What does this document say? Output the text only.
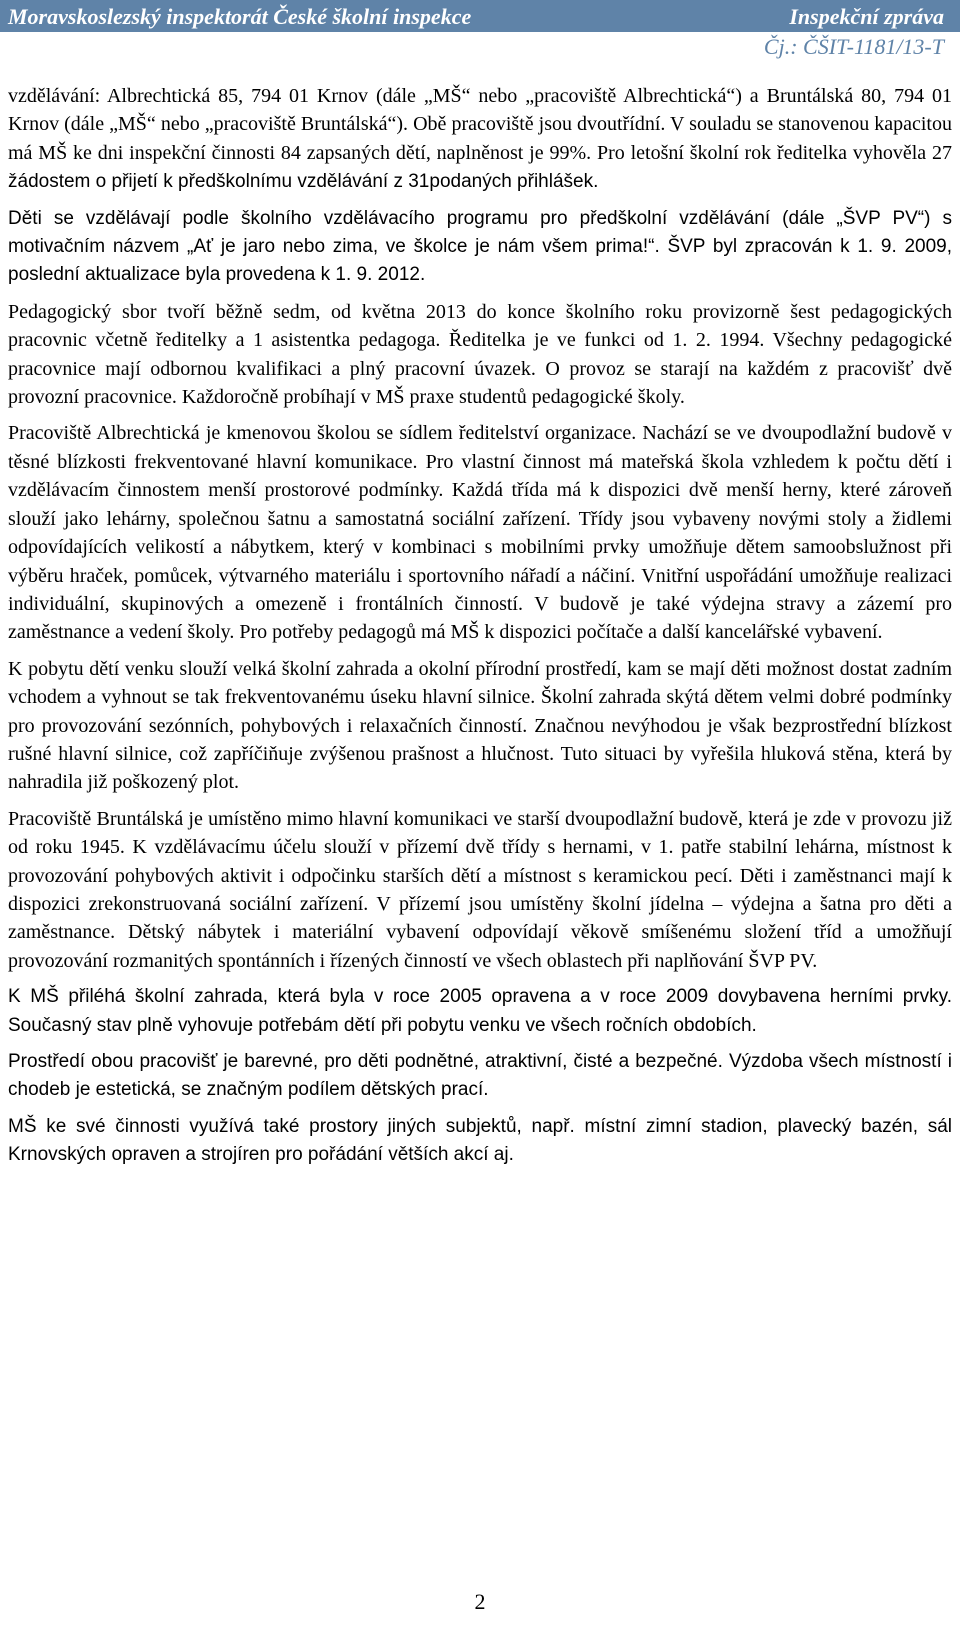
Moravskoslezský inspektorát České školní inspekce	Inspekční zpráva
Čj.: ČŠIT-1181/13-T

vzdělávání: Albrechtická 85, 794 01 Krnov (dále „MŠ“ nebo „pracoviště Albrechtická“) a Bruntálská 80, 794 01 Krnov (dále „MŠ“ nebo „pracoviště Bruntálská“). Obě pracoviště jsou dvoutřídní. V souladu se stanovenou kapacitou má MŠ ke dni inspekční činnosti 84 zapsaných dětí, naplněnost je 99%. Pro letošní školní rok ředitelka vyhověla 27 žádostem o přijetí k předškolnímu vzdělávání z 31podaných přihlášek.

Děti se vzdělávají podle školního vzdělávacího programu pro předškolní vzdělávání (dále „ŠVP PV“) s motivačním názvem „Ať je jaro nebo zima, ve školce je nám všem prima!“. ŠVP byl zpracován k 1. 9. 2009, poslední aktualizace byla provedena k 1. 9. 2012.

Pedagogický sbor tvoří běžně sedm, od května 2013 do konce školního roku provizorně šest pedagogických pracovnic včetně ředitelky a 1 asistentka pedagoga. Ředitelka je ve funkci od 1. 2. 1994. Všechny pedagogické pracovnice mají odbornou kvalifikaci a plný pracovní úvazek. O provoz se starají na každém z pracovišť dvě provozní pracovnice. Každoročně probíhají v MŠ praxe studentů pedagogické školy.

Pracoviště Albrechtická je kmenovou školou se sídlem ředitelství organizace. Nachází se ve dvoupodlažní budově v těsné blízkosti frekventované hlavní komunikace. Pro vlastní činnost má mateřská škola vzhledem k počtu dětí i vzdělávacím činnostem menší prostorové podmínky. Každá třída má k dispozici dvě menší herny, které zároveň slouží jako lehárny, společnou šatnu a samostatná sociální zařízení. Třídy jsou vybaveny novými stoly a židlemi odpovídajících velikostí a nábytkem, který v kombinaci s mobilními prvky umožňuje dětem samoobslužnost při výběru hraček, pomůcek, výtvarného materiálu i sportovního nářadí a náčiní. Vnitřní uspořádání umožňuje realizaci individuální, skupinových a omezeně i frontálních činností. V budově je také výdejna stravy a zázemí pro zaměstnance a vedení školy. Pro potřeby pedagogů má MŠ k dispozici počítače a další kancelářské vybavení.

K pobytu dětí venku slouží velká školní zahrada a okolní přírodní prostředí, kam se mají děti možnost dostat zadním vchodem a vyhnout se tak frekventovanému úseku hlavní silnice. Školní zahrada skýtá dětem velmi dobré podmínky pro provozování sezónních, pohybových i relaxačních činností. Značnou nevýhodou je však bezprostřední blízkost rušné hlavní silnice, což zapříčiňuje zvýšenou prašnost a hlučnost. Tuto situaci by vyřešila hluková stěna, která by nahradila již poškozený plot.

Pracoviště Bruntálská je umístěno mimo hlavní komunikaci ve starší dvoupodlažní budově, která je zde v provozu již od roku 1945. K vzdělávacímu účelu slouží v přízemí dvě třídy s hernami, v 1. patře stabilní lehárna, místnost k provozování pohybových aktivit i odpočinku starších dětí a místnost s keramickou pecí. Děti i zaměstnanci mají k dispozici zrekonstruovaná sociální zařízení. V přízemí jsou umístěny školní jídelna – výdejna a šatna pro děti a zaměstnance. Dětský nábytek i materiální vybavení odpovídají věkově smíšenému složení tříd a umožňují provozování rozmanitých spontánních i řízených činností ve všech oblastech při naplňování ŠVP PV.

K MŠ přiléhá školní zahrada, která byla v roce 2005 opravena a v roce 2009 dovybavena herními prvky. Současný stav plně vyhovuje potřebám dětí při pobytu venku ve všech ročních obdobích.

Prostředí obou pracovišť je barevné, pro děti podnětné, atraktivní, čisté a bezpečné. Výzdoba všech místností i chodeb je estetická, se značným podílem dětských prací.

MŠ ke své činnosti využívá také prostory jiných subjektů, např. místní zimní stadion, plavecký bazén, sál Krnovských opraven a strojíren pro pořádání větších akcí aj.

2
